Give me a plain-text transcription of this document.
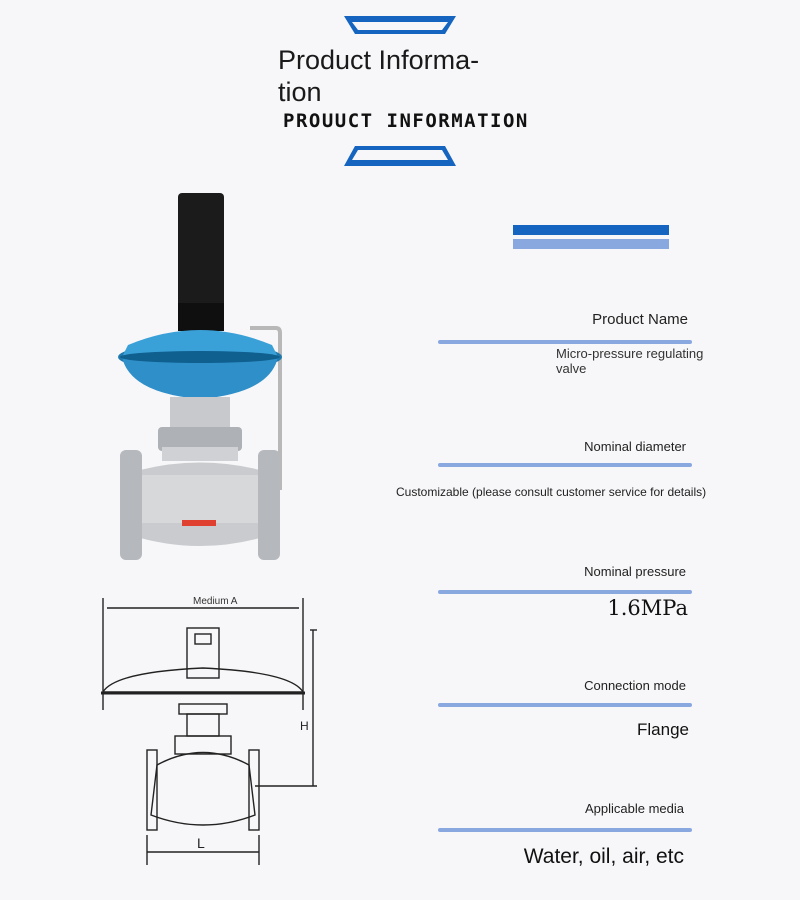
Product Informa-tion
PROUUCT INFORMATION
Medium A
H
L
Product Name
Micro-pressure regulating valve
Nominal diameter
Customizable (please consult customer service for details)
Nominal pressure
1.6MPa
Connection mode
Flange
Applicable media
Water, oil, air, etc
